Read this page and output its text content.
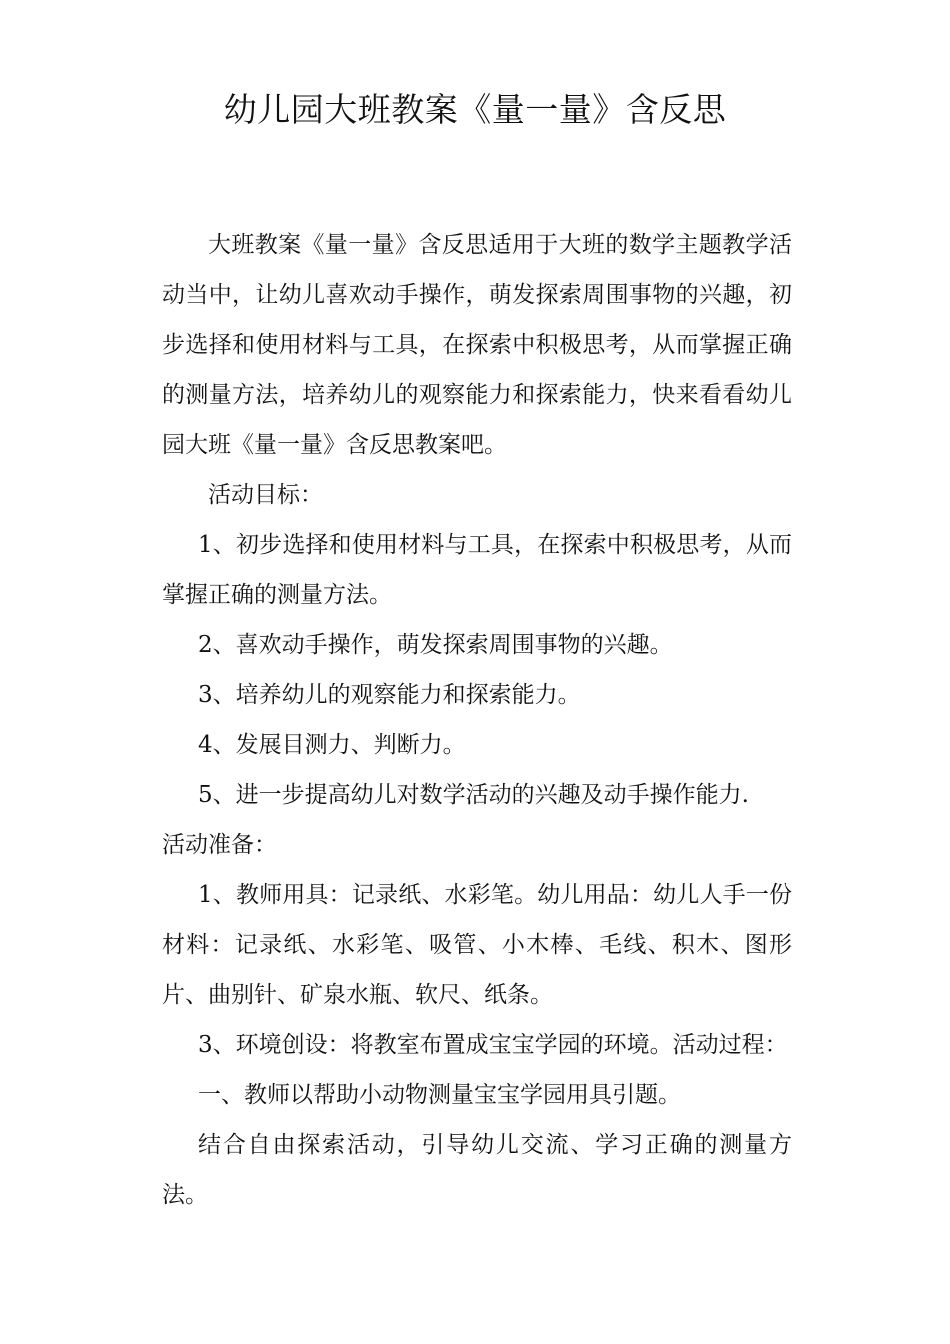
幼儿园大班教案《量一量》含反思

大班教案《量一量》含反思适用于大班的数学主题教学活动当中，让幼儿喜欢动手操作，萌发探索周围事物的兴趣，初步选择和使用材料与工具，在探索中积极思考，从而掌握正确的测量方法，培养幼儿的观察能力和探索能力，快来看看幼儿园大班《量一量》含反思教案吧。

活动目标：

1、初步选择和使用材料与工具，在探索中积极思考，从而掌握正确的测量方法。

2、喜欢动手操作，萌发探索周围事物的兴趣。

3、培养幼儿的观察能力和探索能力。

4、发展目测力、判断力。

5、进一步提高幼儿对数学活动的兴趣及动手操作能力.

活动准备：

1、教师用具：记录纸、水彩笔。幼儿用品：幼儿人手一份材料：记录纸、水彩笔、吸管、小木棒、毛线、积木、图形片、曲别针、矿泉水瓶、软尺、纸条。

3、环境创设：将教室布置成宝宝学园的环境。活动过程：

一、教师以帮助小动物测量宝宝学园用具引题。

结合自由探索活动，引导幼儿交流、学习正确的测量方法。
